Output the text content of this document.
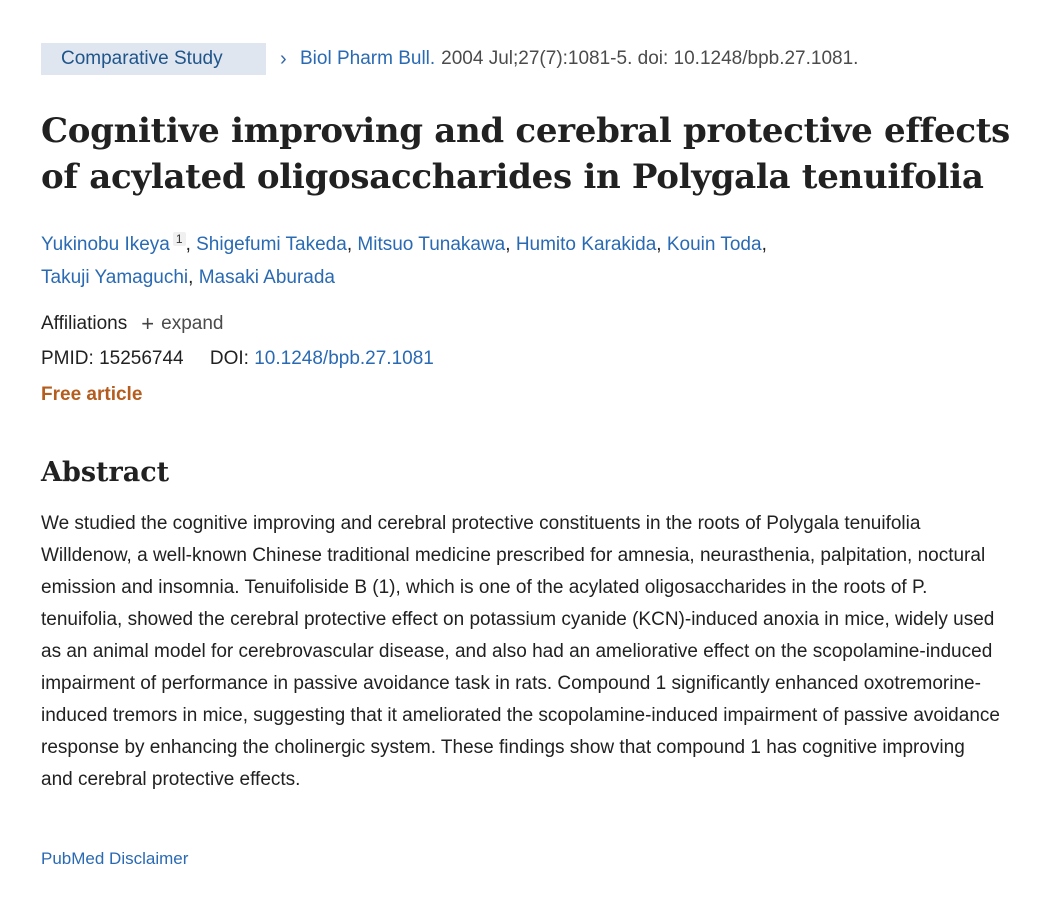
Comparative Study	› Biol Pharm Bull. 2004 Jul;27(7):1081-5. doi: 10.1248/bpb.27.1081.
Cognitive improving and cerebral protective effects of acylated oligosaccharides in Polygala tenuifolia
Yukinobu Ikeya 1 , Shigefumi Takeda, Mitsuo Tunakawa, Humito Karakida, Kouin Toda,
Takuji Yamaguchi, Masaki Aburada
Affiliations + expand
PMID: 15256744 DOI: 10.1248/bpb.27.1081
Free article
Abstract

We studied the cognitive improving and cerebral protective constituents in the roots of Polygala tenuifolia Willdenow, a well-known Chinese traditional medicine prescribed for amnesia, neurasthenia, palpitation, noctural emission and insomnia. Tenuifoliside B (1), which is one of the acylated oligosaccharides in the roots of P. tenuifolia, showed the cerebral protective effect on potassium cyanide (KCN)-induced anoxia in mice, widely used as an animal model for cerebrovascular disease, and also had an ameliorative effect on the scopolamine-induced impairment of performance in passive avoidance task in rats. Compound 1 significantly enhanced oxotremorine-induced tremors in mice, suggesting that it ameliorated the scopolamine-induced impairment of passive avoidance response by enhancing the cholinergic system. These findings show that compound 1 has cognitive improving and cerebral protective effects.

PubMed Disclaimer
